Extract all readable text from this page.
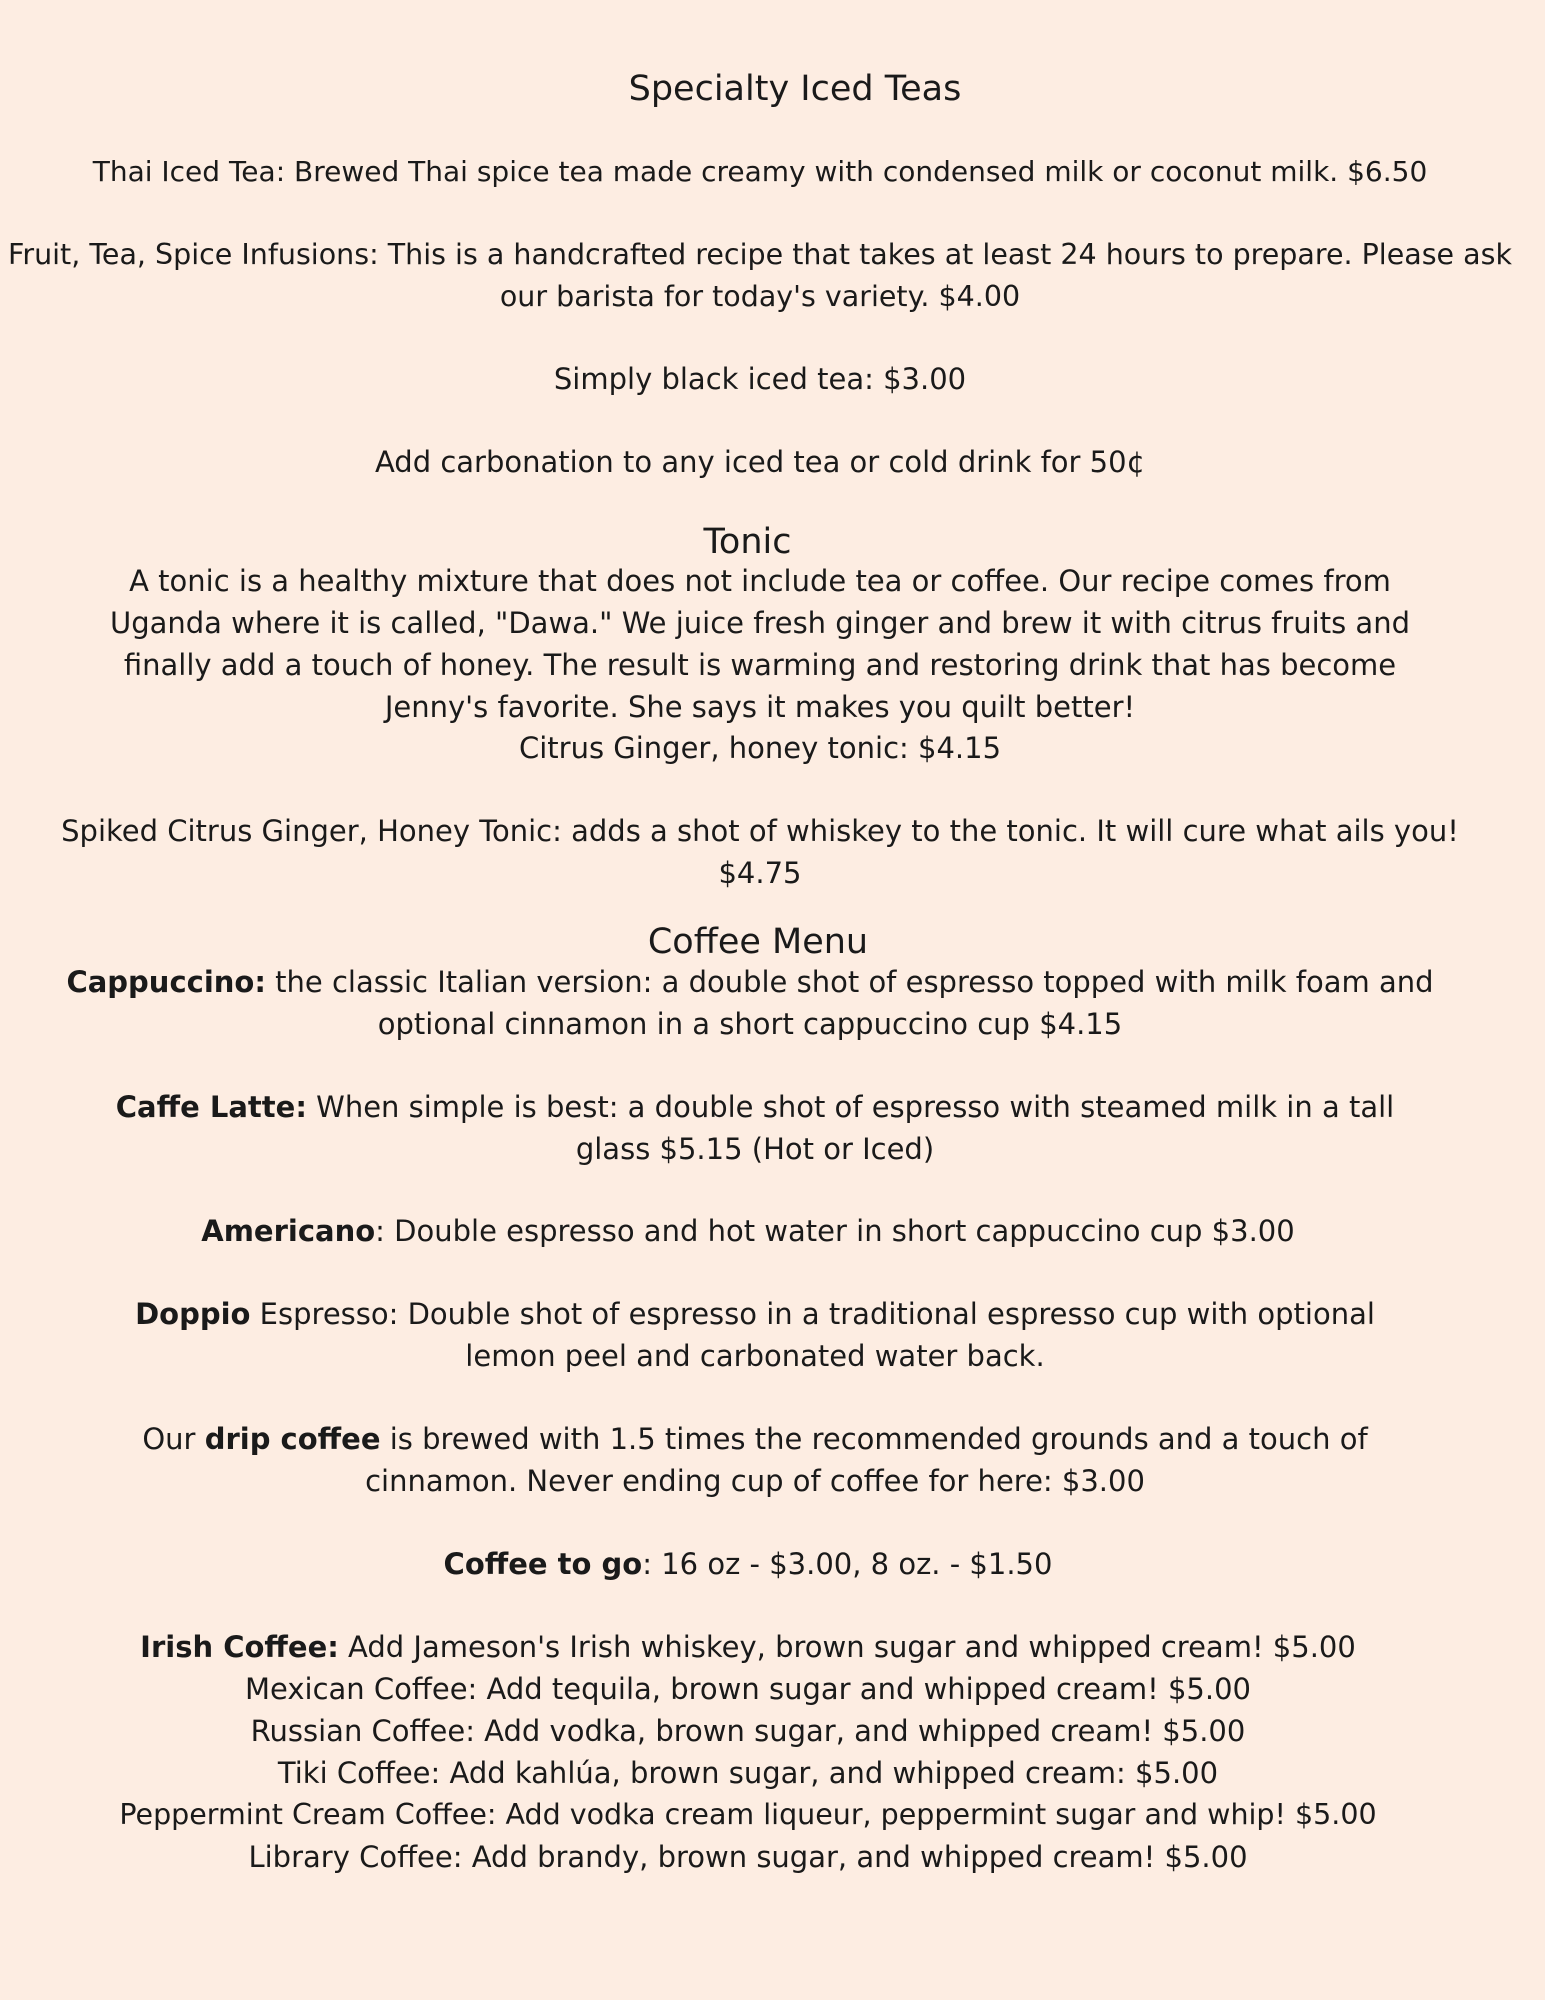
Specialty Iced Teas

Thai Iced Tea: Brewed Thai spice tea made creamy with condensed milk or coconut milk. $6.50

Fruit, Tea, Spice Infusions: This is a handcrafted recipe that takes at least 24 hours to prepare. Please ask our barista for today's variety. $4.00

Simply black iced tea: $3.00

Add carbonation to any iced tea or cold drink for 50¢

Tonic

A tonic is a healthy mixture that does not include tea or coffee. Our recipe comes from Uganda where it is called, "Dawa." We juice fresh ginger and brew it with citrus fruits and finally add a touch of honey. The result is warming and restoring drink that has become Jenny's favorite. She says it makes you quilt better!

Citrus Ginger, honey tonic: $4.15

Spiked Citrus Ginger, Honey Tonic: adds a shot of whiskey to the tonic. It will cure what ails you! $4.75

Coffee Menu

Cappuccino: the classic Italian version: a double shot of espresso topped with milk foam and optional cinnamon in a short cappuccino cup $4.15

Caffe Latte: When simple is best: a double shot of espresso with steamed milk in a tall glass $5.15 (Hot or Iced)

Americano: Double espresso and hot water in short cappuccino cup $3.00

Doppio Espresso: Double shot of espresso in a traditional espresso cup with optional lemon peel and carbonated water back.

Our drip coffee is brewed with 1.5 times the recommended grounds and a touch of cinnamon. Never ending cup of coffee for here: $3.00

Coffee to go: 16 oz - $3.00, 8 oz. - $1.50

Irish Coffee: Add Jameson's Irish whiskey, brown sugar and whipped cream! $5.00

Mexican Coffee: Add tequila, brown sugar and whipped cream! $5.00

Russian Coffee: Add vodka, brown sugar, and whipped cream! $5.00

Tiki Coffee: Add kahlúa, brown sugar, and whipped cream: $5.00

Peppermint Cream Coffee: Add vodka cream liqueur, peppermint sugar and whip! $5.00

Library Coffee: Add brandy, brown sugar, and whipped cream! $5.00
